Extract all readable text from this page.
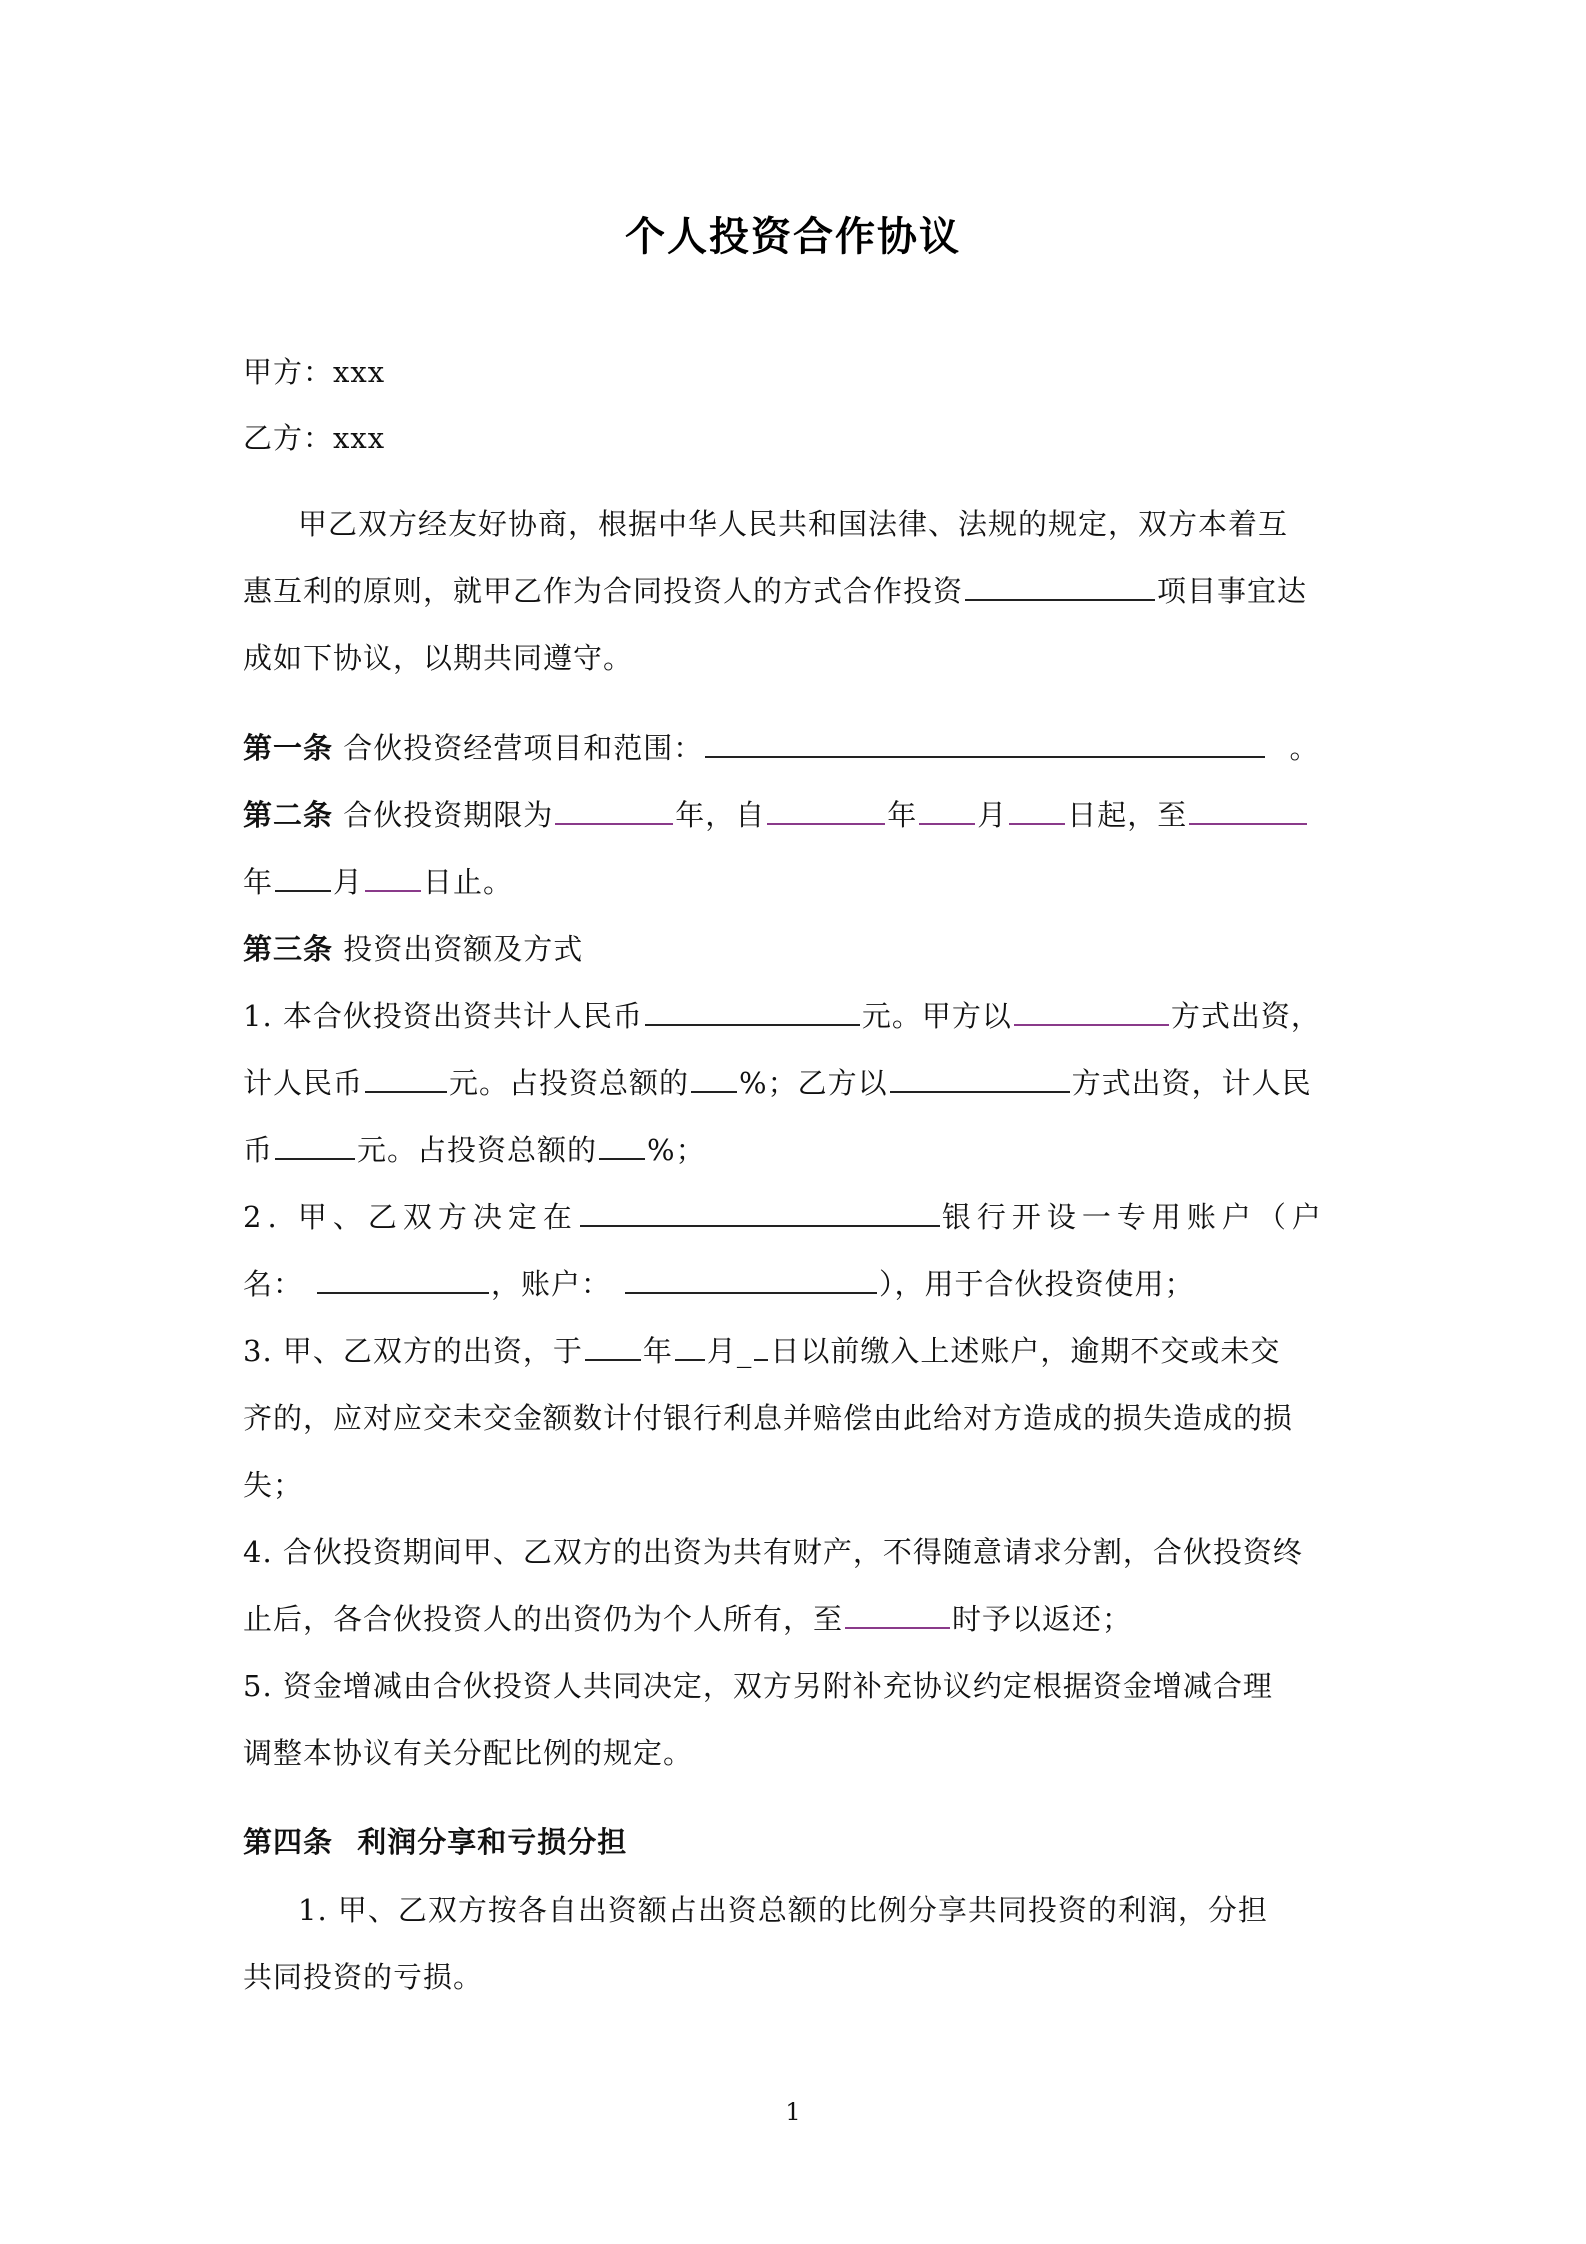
个人投资合作协议
甲方：xxx
乙方：xxx
甲乙双方经友好协商，根据中华人民共和国法律、法规的规定，双方本着互
惠互利的原则，就甲乙作为合同投资人的方式合作投资	项目事宜达
成如下协议，以期共同遵守。
第一条 合伙投资经营项目和范围：	。
第二条 合伙投资期限为	年，自	年 月 日起，至
年 月 日止。
第三条 投资出资额及方式
1. 本合伙投资出资共计人民币	元。甲方以	方式出资，
计人民币	元。占投资总额的 %；乙方以	方式出资，计人民
币	元。占投资总额的 %；
2. 甲、乙双方决定在	银行开设一专用账户（户
名：	，账户：	），用于合伙投资使用；
3. 甲、乙双方的出资，于 年 月_ 日以前缴入上述账户，逾期不交或未交
齐的，应对应交未交金额数计付银行利息并赔偿由此给对方造成的损失造成的损
失；
4. 合伙投资期间甲、乙双方的出资为共有财产，不得随意请求分割，合伙投资终
止后，各合伙投资人的出资仍为个人所有，至	时予以返还；
5. 资金增减由合伙投资人共同决定，双方另附补充协议约定根据资金增减合理
调整本协议有关分配比例的规定。
第四条 利润分享和亏损分担
1. 甲、乙双方按各自出资额占出资总额的比例分享共同投资的利润，分担
共同投资的亏损。
1
